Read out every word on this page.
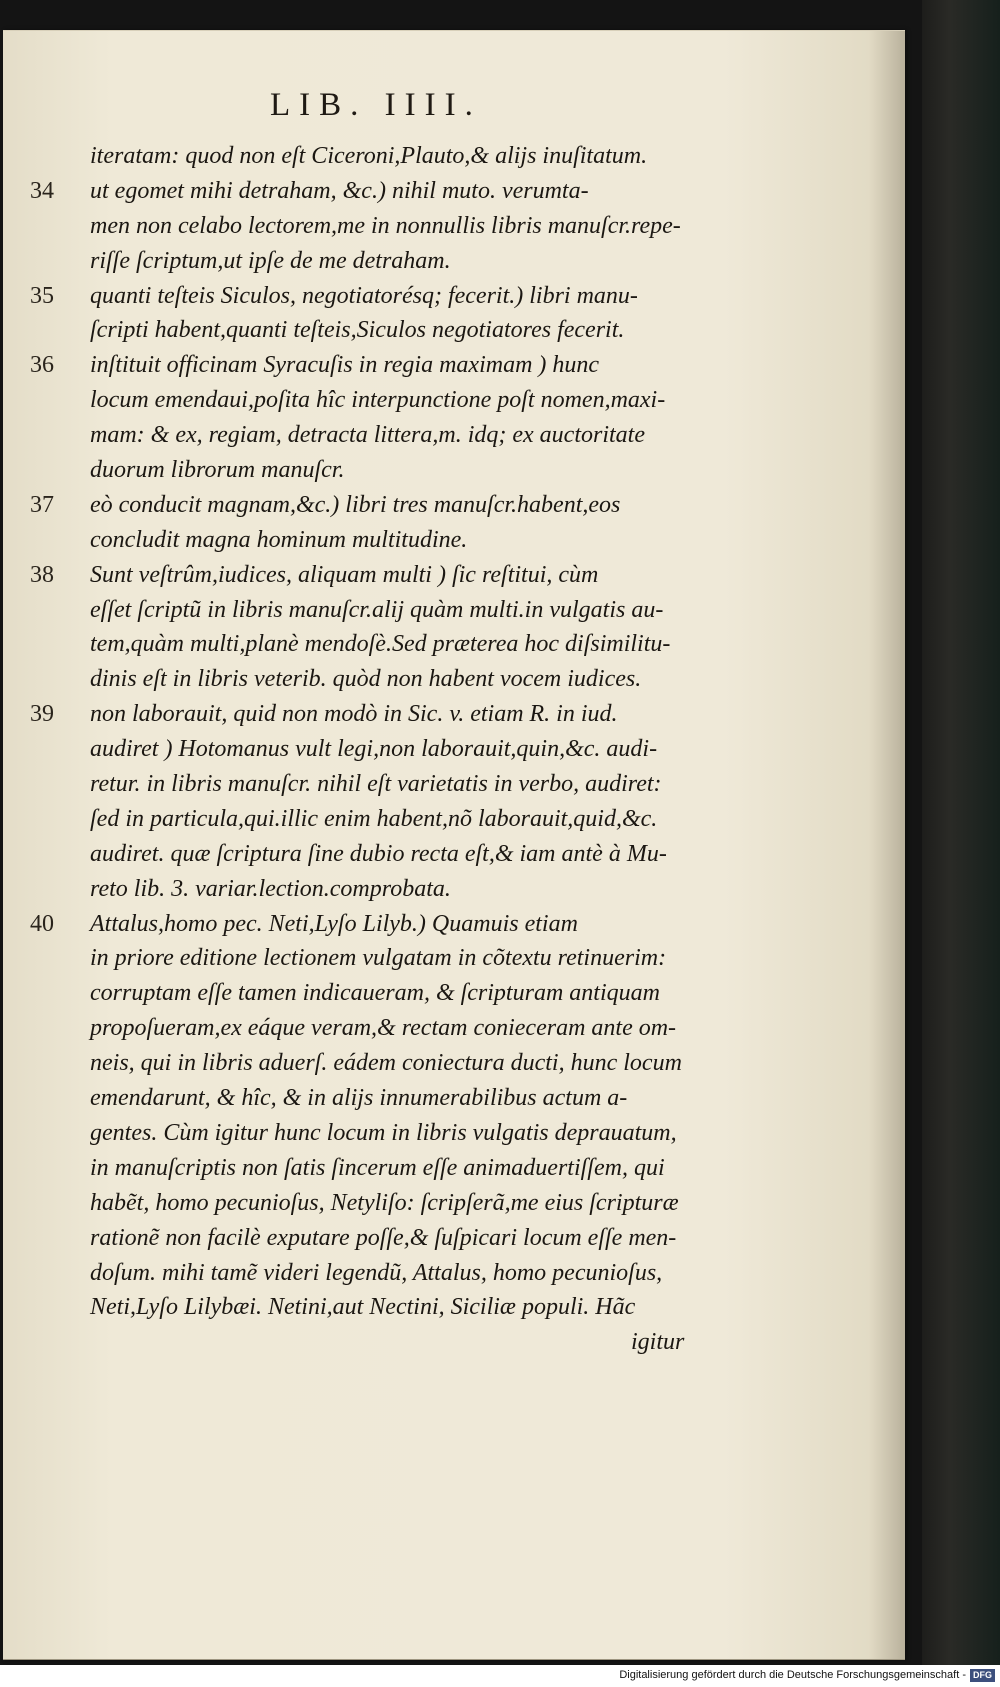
LIB. IIII.
iteratam: quod non eſt Ciceroni,Plauto,& alijs inuſitatum.
34 ut egomet mihi detraham, &c.) nihil muto. verumta-
men non celabo lectorem,me in nonnullis libris manuſcr.repe-
riſſe ſcriptum,ut ipſe de me detraham.
35 quanti teſteis Siculos, negotiatorésq; fecerit.) libri manu-
ſcripti habent,quanti teſteis,Siculos negotiatores fecerit.
36 inſtituit officinam Syracuſis in regia maximam ) hunc
locum emendaui,poſita hîc interpunctione poſt nomen,maxi-
mam: & ex, regiam, detracta littera,m. idq; ex auctoritate
duorum librorum manuſcr.
37 eò conducit magnam,&c.) libri tres manuſcr.habent,eos
concludit magna hominum multitudine.
38 Sunt veſtrûm,iudices, aliquam multi ) ſic reſtitui, cùm
eſſet ſcriptũ in libris manuſcr.alij quàm multi.in vulgatis au-
tem,quàm multi,planè mendoſè.Sed præterea hoc diſsimilitu-
dinis eſt in libris veterib. quòd non habent vocem iudices.
39 non laborauit, quid non modò in Sic. v. etiam R. in iud.
audiret ) Hotomanus vult legi,non laborauit,quin,&c. audi-
retur. in libris manuſcr. nihil eſt varietatis in verbo, audiret:
ſed in particula,qui.illic enim habent,nõ laborauit,quid,&c.
audiret. quæ ſcriptura ſine dubio recta eſt,& iam antè à Mu-
reto lib. 3. variar.lection.comprobata.
40 Attalus,homo pec. Neti,Lyſo Lilyb.) Quamuis etiam
in priore editione lectionem vulgatam in cõtextu retinuerim:
corruptam eſſe tamen indicaueram, & ſcripturam antiquam
propoſueram,ex eáque veram,& rectam conieceram ante om-
neis, qui in libris aduerſ. eádem coniectura ducti, hunc locum
emendarunt, & hîc, & in alijs innumerabilibus actum a-
gentes. Cùm igitur hunc locum in libris vulgatis deprauatum,
in manuſcriptis non ſatis ſincerum eſſe animaduertiſſem, qui
habẽt, homo pecunioſus, Netyliſo: ſcripſerã,me eius ſcripturæ
rationẽ non facilè exputare poſſe,& ſuſpicari locum eſſe men-
doſum. mihi tamẽ videri legendũ, Attalus, homo pecunioſus,
Neti,Lyſo Lilybæi. Netini,aut Nectini, Siciliæ populi. Hãc
igitur
Digitalisierung gefördert durch die Deutsche Forschungsgemeinschaft - DFG
